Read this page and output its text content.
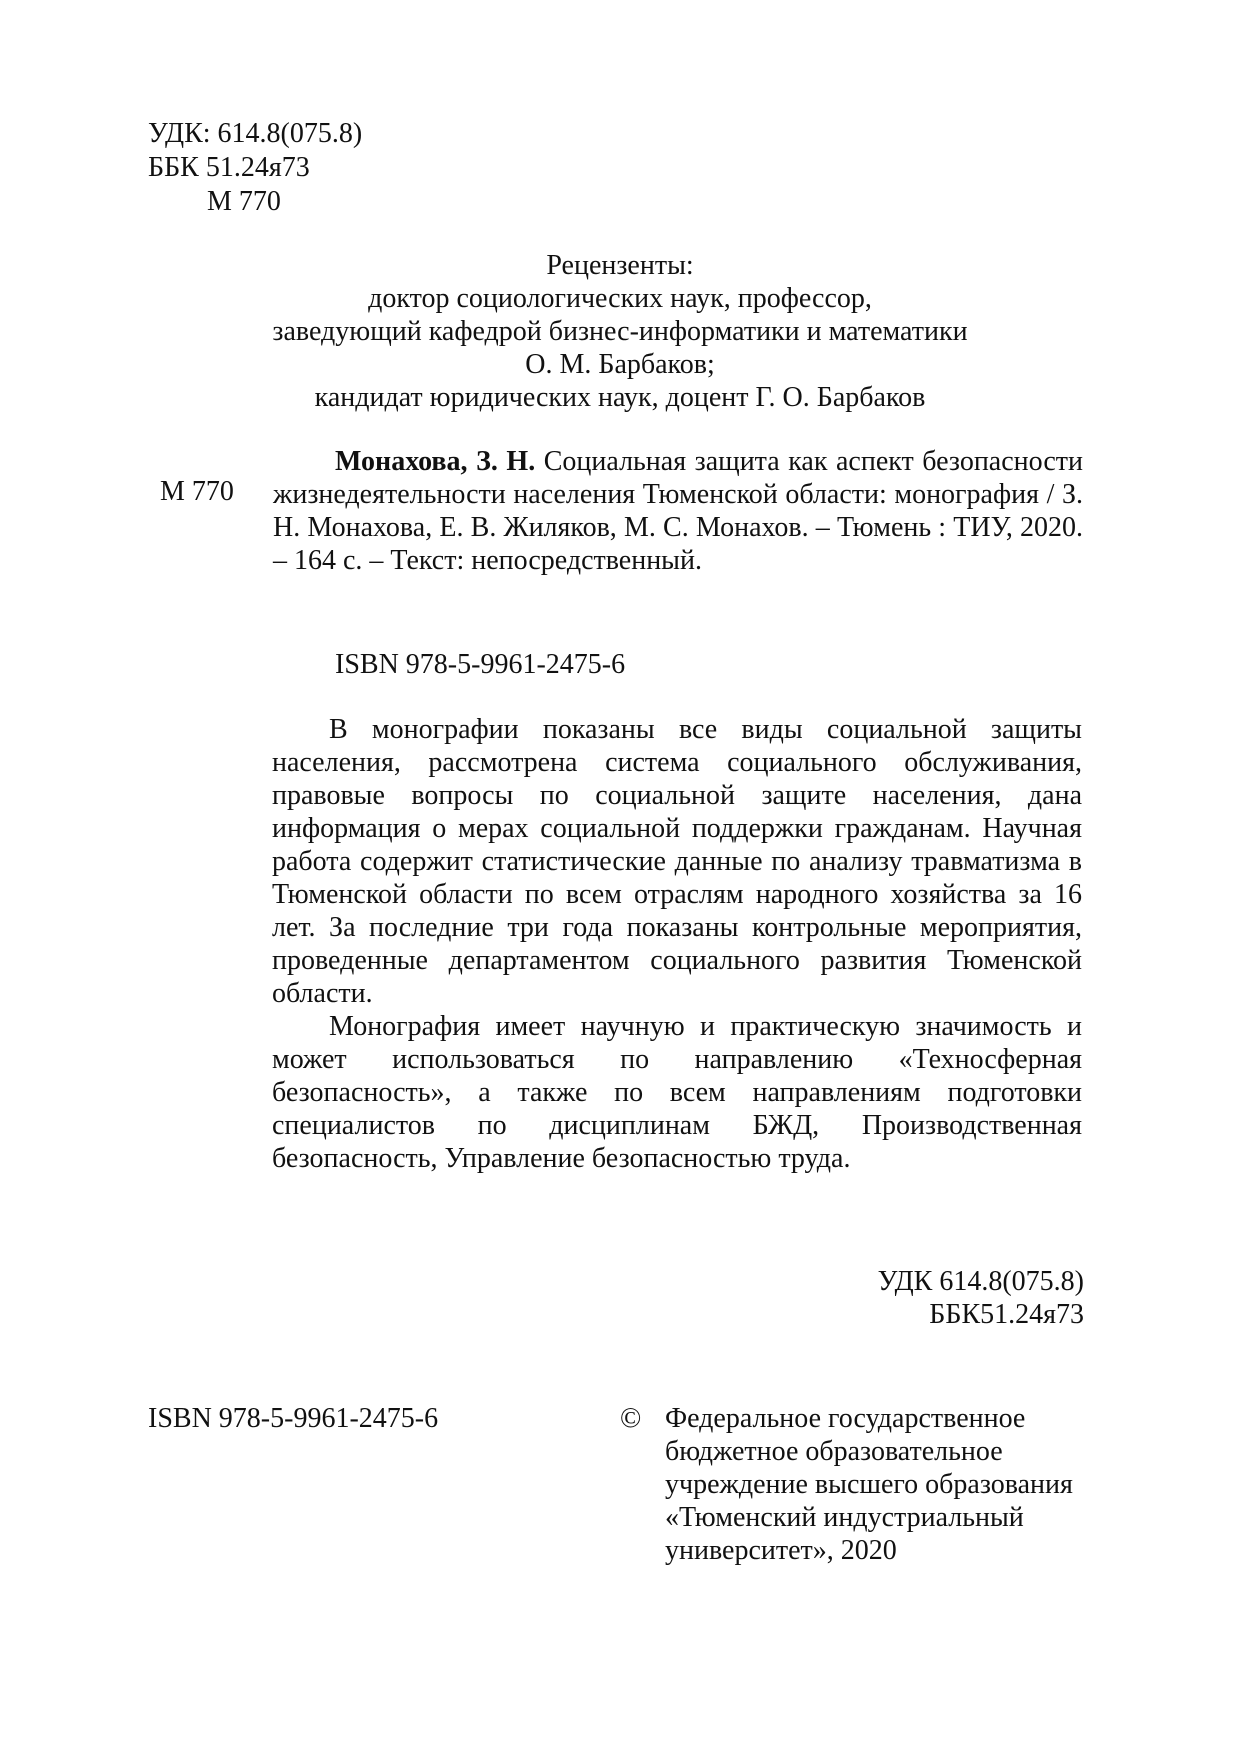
УДК: 614.8(075.8)
ББК 51.24я73
М 770
Рецензенты:
доктор социологических наук, профессор,
заведующий кафедрой бизнес-информатики и математики
О. М. Барбаков;
кандидат юридических наук, доцент Г. О. Барбаков
М 770

Монахова, З. Н. Социальная защита как аспект безопасности жизнедеятельности населения Тюменской области: монография / З. Н. Монахова, Е. В. Жиляков, М. С. Монахов. – Тюмень : ТИУ, 2020. – 164 с. – Текст: непосредственный.

ISBN 978-5-9961-2475-6

В монографии показаны все виды социальной защиты населения, рассмотрена система социального обслуживания, правовые вопросы по социальной защите населения, дана информация о мерах социальной поддержки гражданам. Научная работа содержит статистические данные по анализу травматизма в Тюменской области по всем отраслям народного хозяйства за 16 лет. За последние три года показаны контрольные мероприятия, проведенные департаментом социального развития Тюменской области.

Монография имеет научную и практическую значимость и может использоваться по направлению «Техносферная безопасность», а также по всем направлениям подготовки специалистов по дисциплинам БЖД, Производственная безопасность, Управление безопасностью труда.

УДК 614.8(075.8)
ББК51.24я73
ISBN 978-5-9961-2475-6	© Федеральное государственное
бюджетное образовательное
учреждение высшего образования
«Тюменский индустриальный
университет», 2020
